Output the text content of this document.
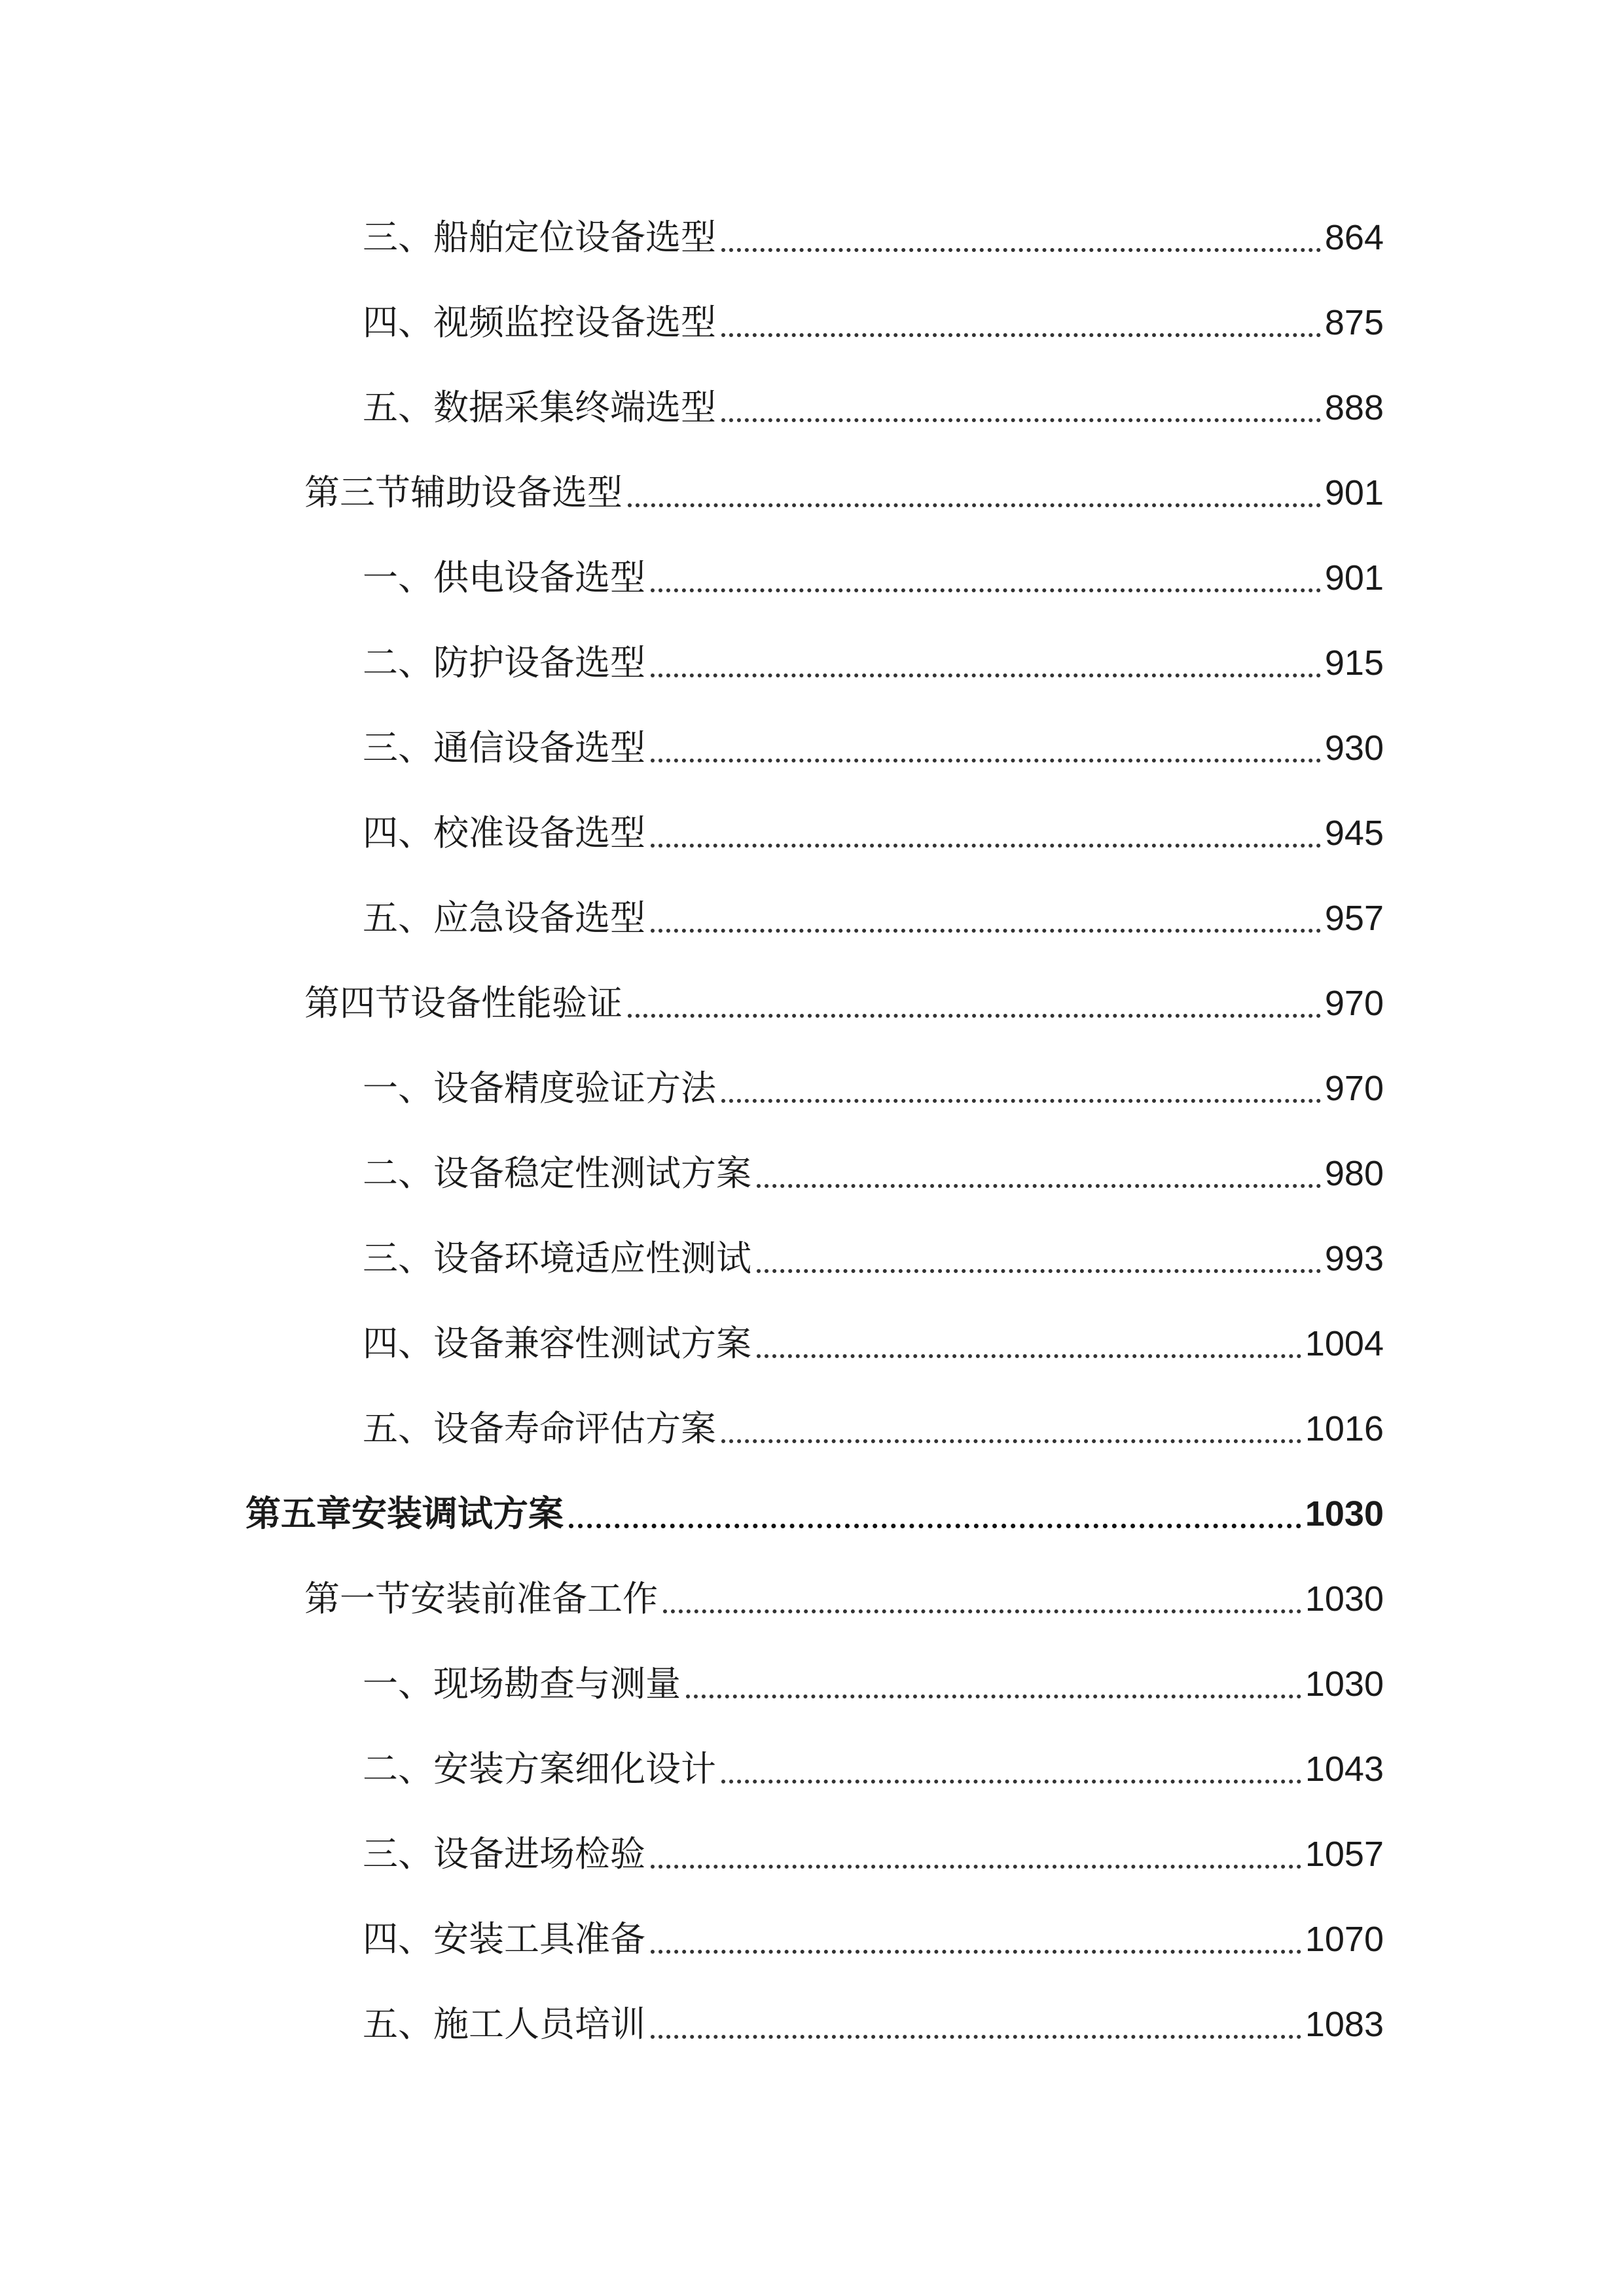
三、船舶定位设备选型	864
四、视频监控设备选型	875
五、数据采集终端选型	888
第三节辅助设备选型	901
一、供电设备选型	901
二、防护设备选型	915
三、通信设备选型	930
四、校准设备选型	945
五、应急设备选型	957
第四节设备性能验证	970
一、设备精度验证方法	970
二、设备稳定性测试方案	980
三、设备环境适应性测试	993
四、设备兼容性测试方案	1004
五、设备寿命评估方案	1016
第五章安装调试方案	1030
第一节安装前准备工作	1030
一、现场勘查与测量	1030
二、安装方案细化设计	1043
三、设备进场检验	1057
四、安装工具准备	1070
五、施工人员培训	1083
